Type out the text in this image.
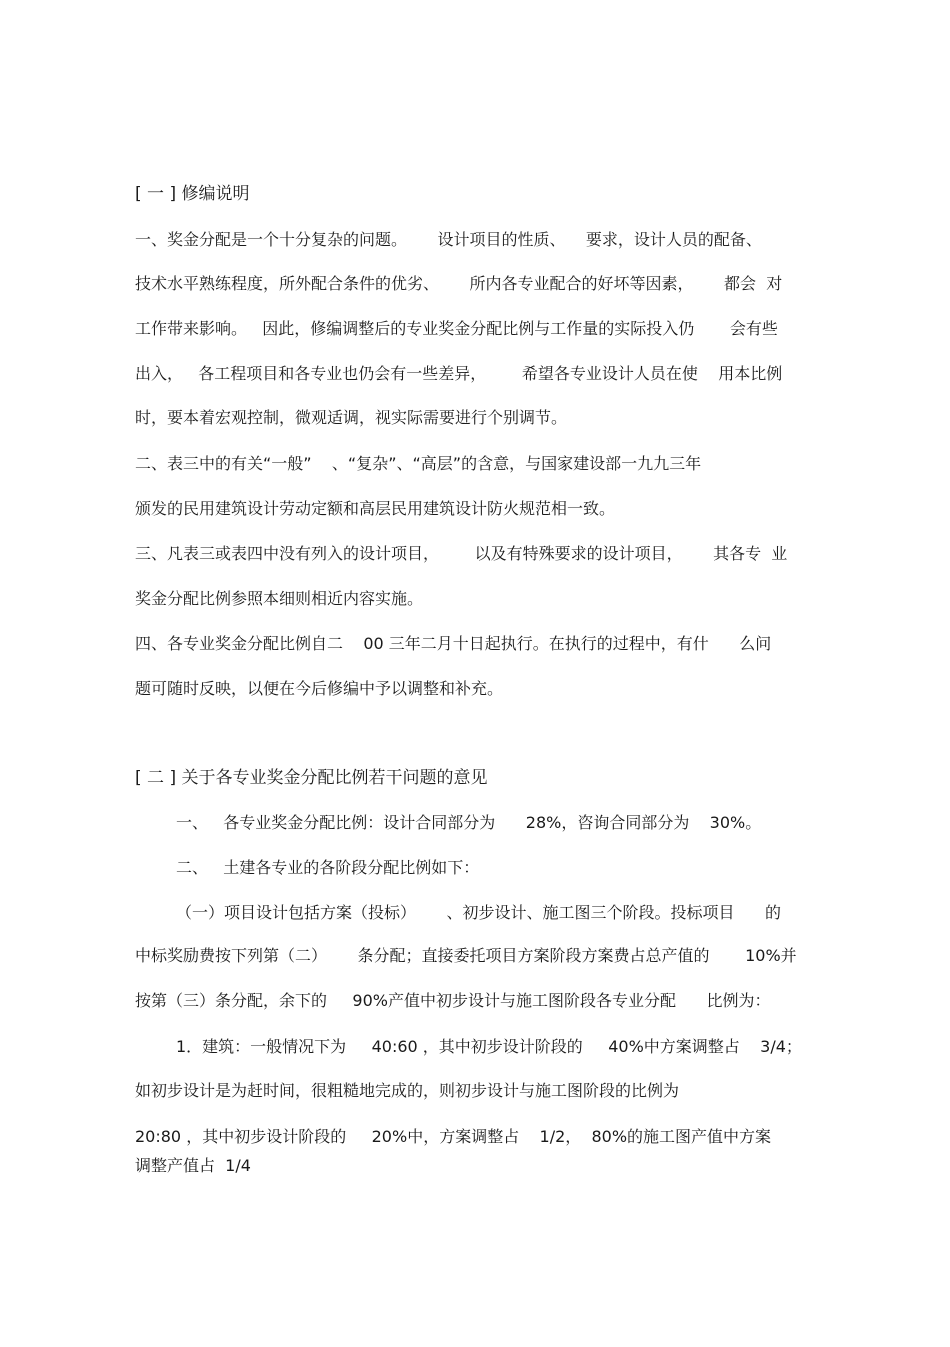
[ 一 ] 修编说明
一、奖金分配是一个十分复杂的问题。      设计项目的性质、    要求，设计人员的配备、
技术水平熟练程度，所外配合条件的优劣、      所内各专业配合的好坏等因素，      都会  对
工作带来影响。   因此，修编调整后的专业奖金分配比例与工作量的实际投入仍       会有些
出入，   各工程项目和各专业也仍会有一些差异，       希望各专业设计人员在使    用本比例
时，要本着宏观控制，微观适调，视实际需要进行个别调节。
二、表三中的有关“一般”    、“复杂”、“高层”的含意，与国家建设部一九九三年
颁发的民用建筑设计劳动定额和高层民用建筑设计防火规范相一致。
三、凡表三或表四中没有列入的设计项目，       以及有特殊要求的设计项目，      其各专  业
奖金分配比例参照本细则相近内容实施。
四、各专业奖金分配比例自二    00 三年二月十日起执行。在执行的过程中，有什      么问
题可随时反映，以便在今后修编中予以调整和补充。
[ 二 ] 关于各专业奖金分配比例若干问题的意见
一、   各专业奖金分配比例：设计合同部分为      28%，咨询合同部分为    30%。
二、   土建各专业的各阶段分配比例如下：
（一）项目设计包括方案（投标）      、初步设计、施工图三个阶段。投标项目      的
中标奖励费按下列第（二）      条分配；直接委托项目方案阶段方案费占总产值的       10%并
按第（三）条分配，余下的     90%产值中初步设计与施工图阶段各专业分配      比例为：
1．建筑：一般情况下为     40:60 ，其中初步设计阶段的     40%中方案调整占    3/4；
如初步设计是为赶时间，很粗糙地完成的，则初步设计与施工图阶段的比例为
20:80 ，其中初步设计阶段的     20%中，方案调整占    1/2，  80%的施工图产值中方案
调整产值占  1/4
